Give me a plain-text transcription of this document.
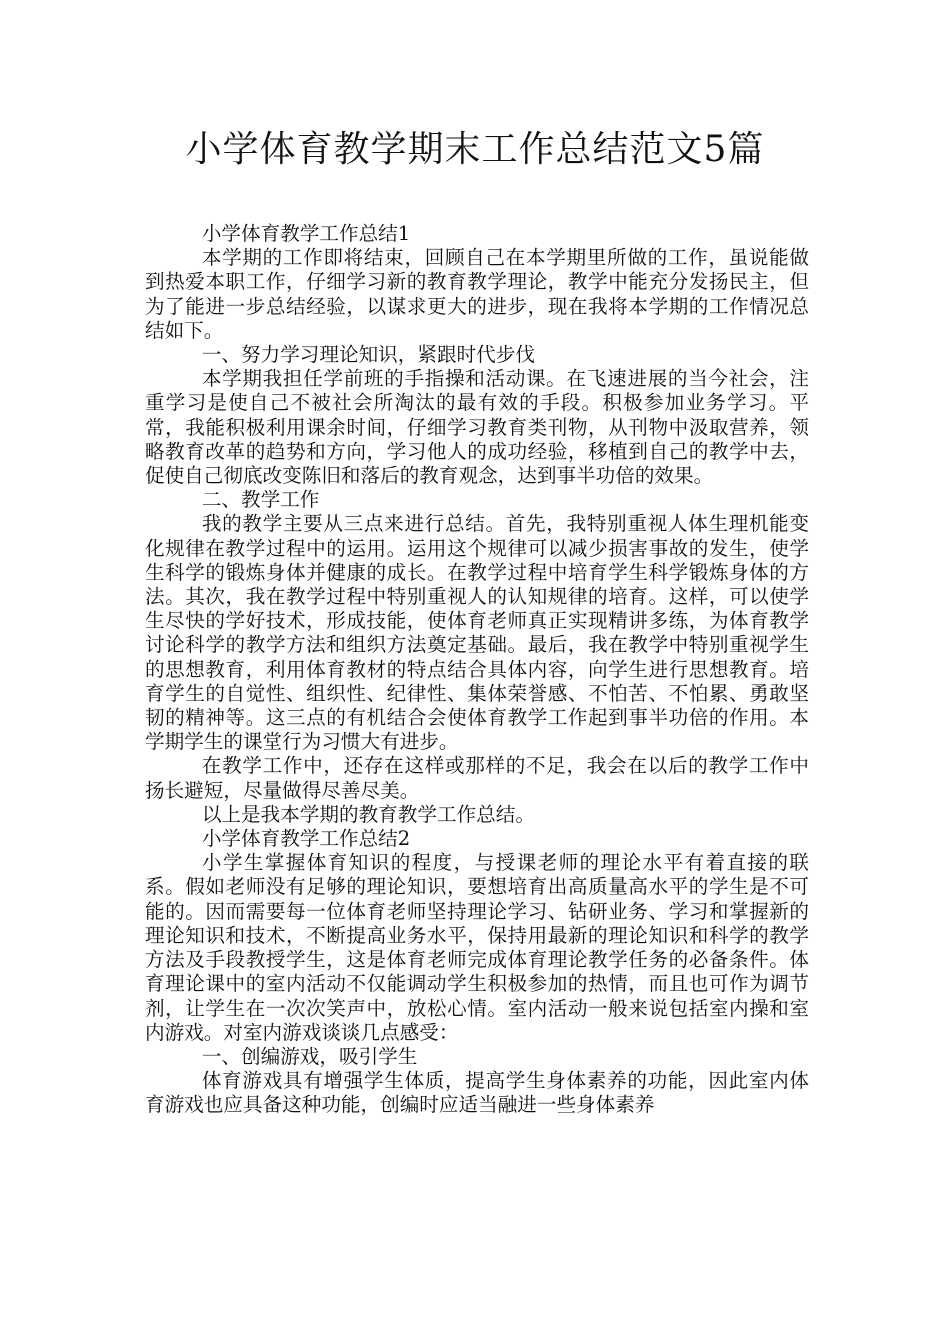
小学体育教学期末工作总结范文5篇

小学体育教学工作总结1

本学期的工作即将结束，回顾自己在本学期里所做的工作，虽说能做到热爱本职工作，仔细学习新的教育教学理论，教学中能充分发扬民主，但为了能进一步总结经验，以谋求更大的进步，现在我将本学期的工作情况总结如下。

一、努力学习理论知识，紧跟时代步伐

本学期我担任学前班的手指操和活动课。在飞速进展的当今社会，注重学习是使自己不被社会所淘汰的最有效的手段。积极参加业务学习。平常，我能积极利用课余时间，仔细学习教育类刊物，从刊物中汲取营养，领略教育改革的趋势和方向，学习他人的成功经验，移植到自己的教学中去，促使自己彻底改变陈旧和落后的教育观念，达到事半功倍的效果。

二、教学工作

我的教学主要从三点来进行总结。首先，我特别重视人体生理机能变化规律在教学过程中的运用。运用这个规律可以减少损害事故的发生，使学生科学的锻炼身体并健康的成长。在教学过程中培育学生科学锻炼身体的方法。其次，我在教学过程中特别重视人的认知规律的培育。这样，可以使学生尽快的学好技术，形成技能，使体育老师真正实现精讲多练，为体育教学讨论科学的教学方法和组织方法奠定基础。最后，我在教学中特别重视学生的思想教育，利用体育教材的特点结合具体内容，向学生进行思想教育。培育学生的自觉性、组织性、纪律性、集体荣誉感、不怕苦、不怕累、勇敢坚韧的精神等。这三点的有机结合会使体育教学工作起到事半功倍的作用。本学期学生的课堂行为习惯大有进步。

在教学工作中，还存在这样或那样的不足，我会在以后的教学工作中扬长避短，尽量做得尽善尽美。

以上是我本学期的教育教学工作总结。

小学体育教学工作总结2

小学生掌握体育知识的程度，与授课老师的理论水平有着直接的联系。假如老师没有足够的理论知识，要想培育出高质量高水平的学生是不可能的。因而需要每一位体育老师坚持理论学习、钻研业务、学习和掌握新的理论知识和技术，不断提高业务水平，保持用最新的理论知识和科学的教学方法及手段教授学生，这是体育老师完成体育理论教学任务的必备条件。体育理论课中的室内活动不仅能调动学生积极参加的热情，而且也可作为调节剂，让学生在一次次笑声中，放松心情。室内活动一般来说包括室内操和室内游戏。对室内游戏谈谈几点感受：

一、创编游戏，吸引学生

体育游戏具有增强学生体质，提高学生身体素养的功能，因此室内体育游戏也应具备这种功能，创编时应适当融进一些身体素养
